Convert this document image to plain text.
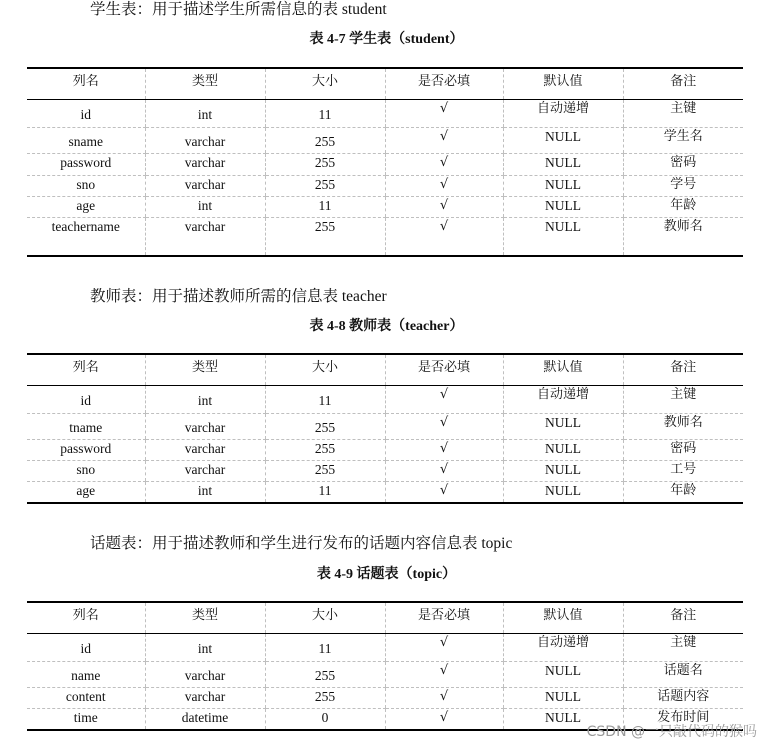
学生表：用于描述学生所需信息的表 student
表 4-7 学生表（student）
列名	类型	大小	是否必填	默认值	备注
id	int	11	√	自动递增	主键
sname	varchar	255	√	NULL	学生名
password	varchar	255	√	NULL	密码
sno	varchar	255	√	NULL	学号
age	int	11	√	NULL	年龄
teachername	varchar	255	√	NULL	教师名
教师表：用于描述教师所需的信息表 teacher
表 4-8 教师表（teacher）
列名	类型	大小	是否必填	默认值	备注
id	int	11	√	自动递增	主键
tname	varchar	255	√	NULL	教师名
password	varchar	255	√	NULL	密码
sno	varchar	255	√	NULL	工号
age	int	11	√	NULL	年龄
话题表：用于描述教师和学生进行发布的话题内容信息表 topic
表 4-9 话题表（topic）
列名	类型	大小	是否必填	默认值	备注
id	int	11	√	自动递增	主键
name	varchar	255	√	NULL	话题名
content	varchar	255	√	NULL	话题内容
time	datetime	0	√	NULL	发布时间
CSDN @一只敲代码的猴吗
